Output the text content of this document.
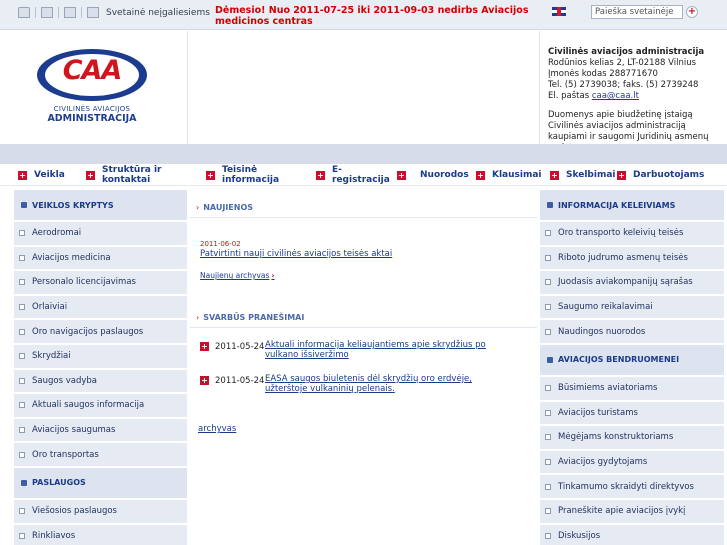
Svetainė neįgaliesiems Dėmesio! Nuo 2011-07-25 iki 2011-09-03 nedirbs Aviacijos medicinos centras
Paieška svetainėje
+
CAA
CIVILINĖS AVIACIJOS
ADMINISTRACIJA
Civilinės aviacijos administracija
Rodūnios kelias 2, LT-02188 Vilnius
Įmonės kodas 288771670
Tel. (5) 2739038; faks. (5) 2739248
El. paštas caa@caa.lt
Duomenys apie biudžetinę įstaigą
Civilinės aviacijos administraciją
kaupiami ir saugomi Juridinių asmenų
+ Veikla	+ Struktūra ir kontaktai	+ Teisinė informacija	+ E-registracija + Nuorodos + Klausimai + Skelbimai + Darbuotojams
VEIKLOS KRYPTYS
Aerodromai
Aviacijos medicina
Personalo licencijavimas
Orlaiviai
Oro navigacijos paslaugos
Skrydžiai
Saugos vadyba
Aktuali saugos informacija
Aviacijos saugumas
Oro transportas
PASLAUGOS
Viešosios paslaugos
Rinkliavos
› NAUJIENOS
2011-06-02
Patvirtinti nauji civilinės aviacijos teisės aktai
Naujienų archyvas ›
› SVARBŪS PRANEŠIMAI
+ 2011-05-24 Aktuali informacija keliaujantiems apie skrydžius po vulkano išsiveržimo
+ 2011-05-24 EASA saugos biuletenis dėl skrydžių oro erdvėje, užterštoje vulkaninių pelenais.
archyvas
INFORMACIJA KELEIVIAMS
Oro transporto keleivių teisės
Riboto judrumo asmenų teisės
Juodasis aviakompanijų sąrašas
Saugumo reikalavimai
Naudingos nuorodos
AVIACIJOS BENDRUOMENEI
Būsimiems aviatoriams
Aviacijos turistams
Mėgėjams konstruktoriams
Aviacijos gydytojams
Tinkamumo skraidyti direktyvos
Praneškite apie aviacijos įvykį
Diskusijos
